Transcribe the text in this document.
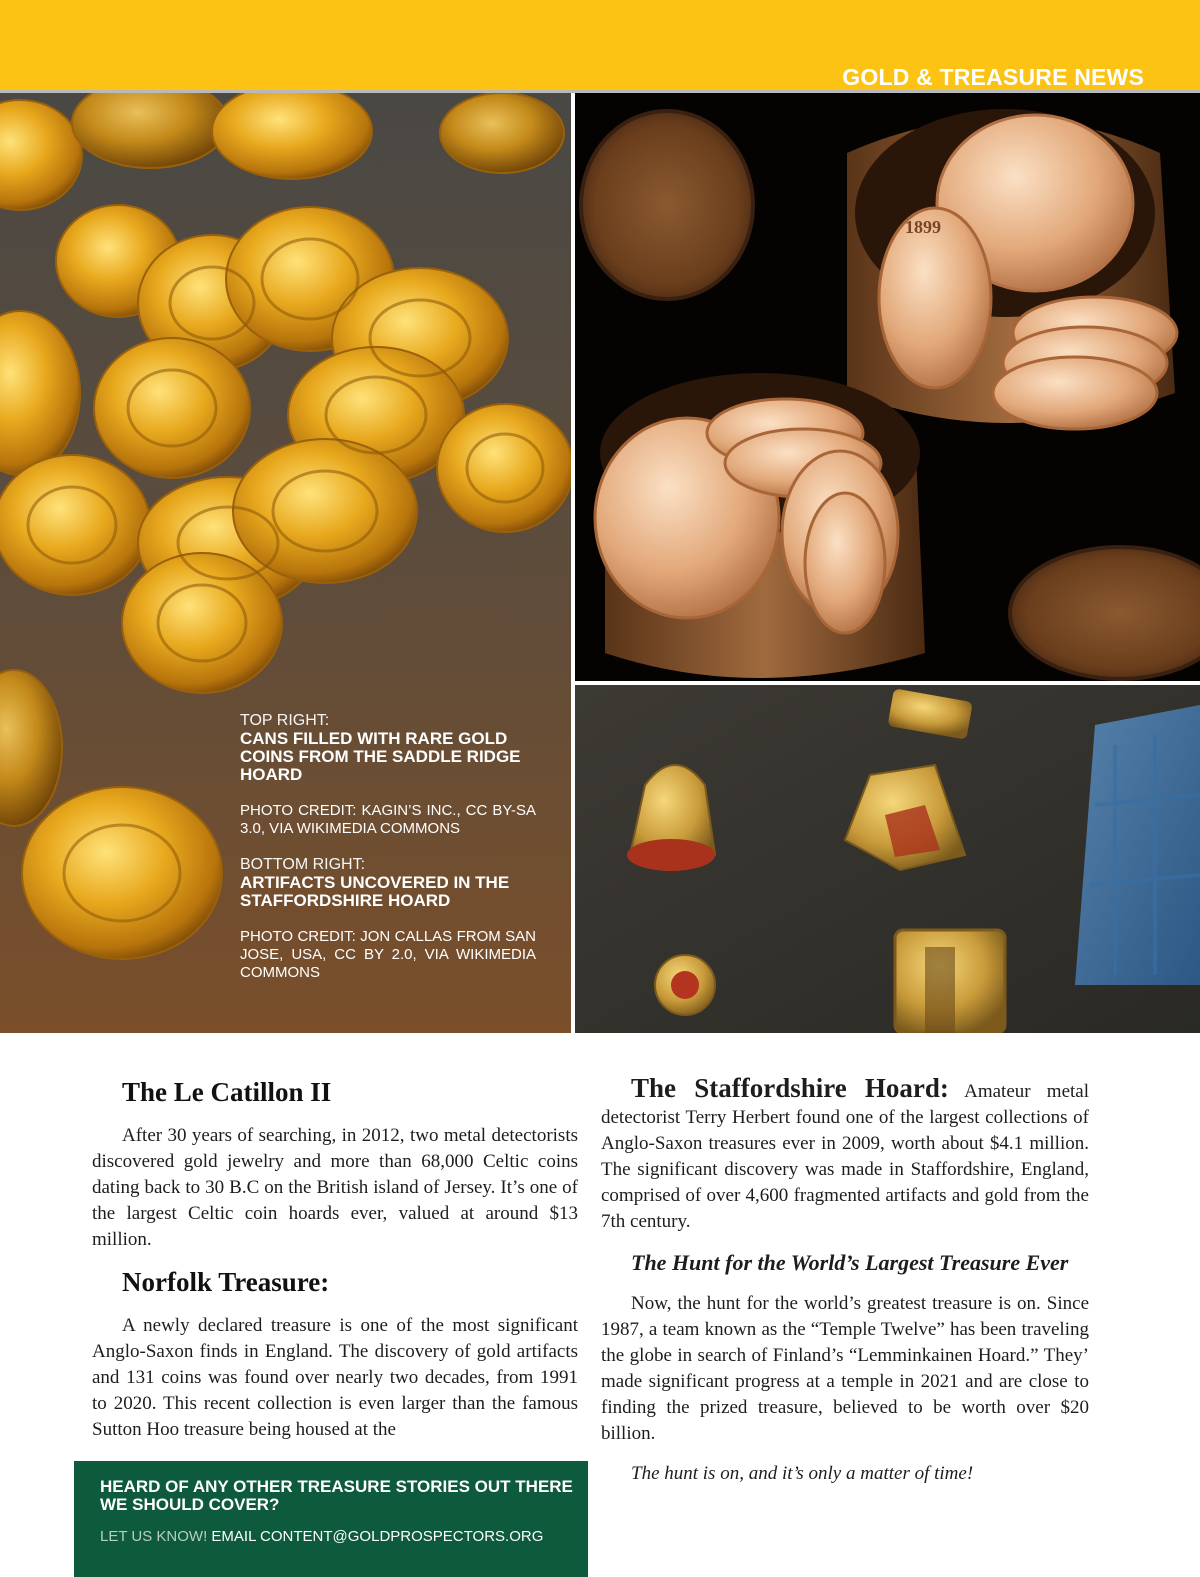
GOLD & TREASURE NEWS
1899
TOP RIGHT:
CANS FILLED WITH RARE GOLD COINS FROM THE SADDLE RIDGE HOARD
PHOTO CREDIT: KAGIN’S INC., CC BY-SA 3.0, VIA WIKIMEDIA COMMONS
BOTTOM RIGHT:
ARTIFACTS UNCOVERED IN THE STAFFORDSHIRE HOARD
PHOTO CREDIT: JON CALLAS FROM SAN JOSE, USA, CC BY 2.0, VIA WIKIMEDIA COMMONS
The Le Catillon II

After 30 years of searching, in 2012, two metal detectorists discovered gold jewelry and more than 68,000 Celtic coins dating back to 30 B.C on the British island of Jersey. It’s one of the largest Celtic coin hoards ever, valued at around $13 million.

Norfolk Treasure:

A newly declared treasure is one of the most significant Anglo-Saxon finds in England. The discovery of gold artifacts and 131 coins was found over nearly two decades, from 1991 to 2020. This recent collection is even larger than the famous Sutton Hoo treasure being housed at the

The Staffordshire Hoard: Amateur metal detectorist Terry Herbert found one of the largest collections of Anglo-Saxon treasures ever in 2009, worth about $4.1 million. The significant discovery was made in Staffordshire, England, comprised of over 4,600 fragmented artifacts and gold from the 7th century.

The Hunt for the World’s Largest Treasure Ever

Now, the hunt for the world’s greatest treasure is on. Since 1987, a team known as the “Temple Twelve” has been traveling the globe in search of Finland’s “Lemminkainen Hoard.” They’ made significant progress at a temple in 2021 and are close to finding the prized treasure, believed to be worth over $20 billion.

The hunt is on, and it’s only a matter of time!

HEARD OF ANY OTHER TREASURE STORIES OUT THERE WE SHOULD COVER?
LET US KNOW! EMAIL CONTENT@GOLDPROSPECTORS.ORG
